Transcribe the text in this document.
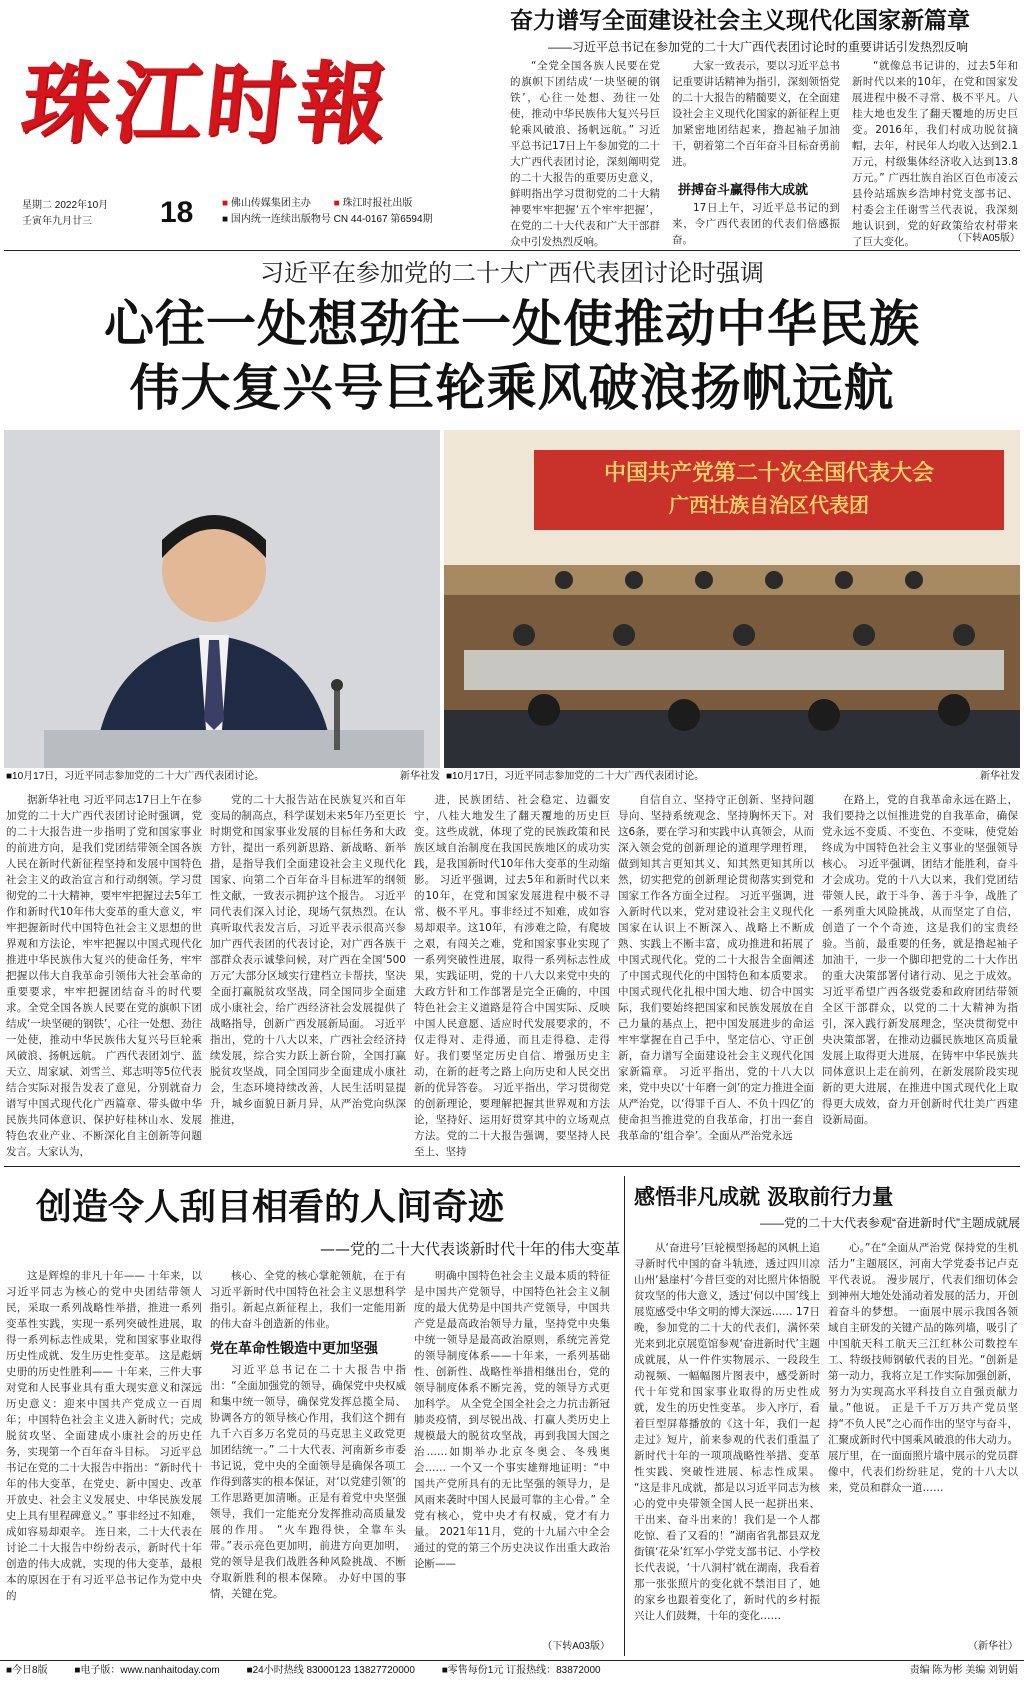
珠江时報
星期二 2022年10月
壬寅年九月廿三	18	■ 佛山传媒集团主办 ■ 珠江时报社出版
■ 国内统一连续出版物号 CN 44-0167 第6594期
奋力谱写全面建设社会主义现代化国家新篇章
——习近平总书记在参加党的二十大广西代表团讨论时的重要讲话引发热烈反响

“全党全国各族人民要在党的旗帜下团结成‘一块坚硬的钢铁’，心往一处想、劲往一处使，推动中华民族伟大复兴号巨轮乘风破浪、扬帆远航。” 习近平总书记17日上午参加党的二十大广西代表团讨论，深刻阐明党的二十大报告的重要历史意义，鲜明指出学习贯彻党的二十大精神要牢牢把握‘五个牢牢把握’，在党的二十大代表和广大干部群众中引发热烈反响。

大家一致表示，要以习近平总书记重要讲话精神为指引，深刻领悟党的二十大报告的精髓要义，在全面建设社会主义现代化国家的新征程上更加紧密地团结起来，撸起袖子加油干，朝着第二个百年奋斗目标奋勇前进。

拼搏奋斗赢得伟大成就

17日上午，习近平总书记的到来，令广西代表团的代表们倍感振奋。

“就像总书记讲的，过去5年和新时代以来的10年，在党和国家发展进程中极不寻常、极不平凡。八桂大地也发生了翻天覆地的历史巨变。2016年，我们村成功脱贫摘帽，去年，村民年人均收入达到2.1万元，村级集体经济收入达到13.8万元。” 广西壮族自治区百色市凌云县伶站瑶族乡浩坤村党支部书记、村委会主任谢雪兰代表说，我深刻地认识到，党的好政策给农村带来了巨大变化。	（下转A05版）
习近平在参加党的二十大广西代表团讨论时强调
心往一处想劲往一处使推动中华民族
伟大复兴号巨轮乘风破浪扬帆远航
中国共产党第二十次全国代表大会
广西壮族自治区代表团
■10月17日，习近平同志参加党的二十大广西代表团讨论。	新华社发 ■10月17日，习近平同志参加党的二十大广西代表团讨论。	新华社发

据新华社电 习近平同志17日上午在参加党的二十大广西代表团讨论时强调，党的二十大报告进一步指明了党和国家事业的前进方向，是我们党团结带领全国各族人民在新时代新征程坚持和发展中国特色社会主义的政治宣言和行动纲领。学习贯彻党的二十大精神，要牢牢把握过去5年工作和新时代10年伟大变革的重大意义，牢牢把握新时代中国特色社会主义思想的世界观和方法论，牢牢把握以中国式现代化推进中华民族伟大复兴的使命任务，牢牢把握以伟大自我革命引领伟大社会革命的重要要求，牢牢把握团结奋斗的时代要求。全党全国各族人民要在党的旗帜下团结成‘一块坚硬的钢铁’，心往一处想、劲往一处使，推动中华民族伟大复兴号巨轮乘风破浪、扬帆远航。 广西代表团刘宁、蓝天立、周家斌、刘雪兰、郑志明等5位代表结合实际对报告发表了意见，分别就奋力谱写中国式现代化广西篇章、带头做中华民族共同体意识、保护好桂林山水、发展特色农业产业、不断深化自主创新等问题发言。大家认为，

党的二十大报告站在民族复兴和百年变局的制高点，科学谋划未来5年乃至更长时期党和国家事业发展的目标任务和大政方针，提出一系列新思路、新战略、新举措，是指导我们全面建设社会主义现代化国家、向第二个百年奋斗目标进军的纲领性文献，一致表示拥护这个报告。 习近平同代表们深入讨论，现场气氛热烈。在认真听取代表发言后，习近平表示很高兴参加广西代表团的代表讨论，对广西各族干部群众表示诚挚问候，对广西在全国‘500万元’大部分区域实行建档立卡帮扶，坚决全面打赢脱贫攻坚战，同全国同步全面建成小康社会，给广西经济社会发展提供了战略指导，创新广西发展新局面。 习近平指出，党的十八大以来，广西社会经济持续发展，综合实力跃上新台阶，全国打赢脱贫攻坚战，同全国同步全面建成小康社会，生态环境持续改善，人民生活明显提升，城乡面貌日新月异，从严治党向纵深推进，

进，民族团结、社会稳定、边疆安宁，八桂大地发生了翻天覆地的历史巨变。这些成就，体现了党的民族政策和民族区域自治制度在我国民族地区的成功实践，是我国新时代10年伟大变革的生动缩影。 习近平强调，过去5年和新时代以来的10年，在党和国家发展进程中极不寻常、极不平凡。事非经过不知难，成如容易却艰辛。这10年，有涉难之险，有爬坡之艰，有闯关之难，党和国家事业实现了一系列突破性进展，取得一系列标志性成果，实践证明，党的十八大以来党中央的大政方针和工作部署是完全正确的，中国特色社会主义道路是符合中国实际、反映中国人民意愿、适应时代发展要求的，不仅走得对、走得通，而且走得稳、走得好。我们要坚定历史自信、增强历史主动，在新的赶考之路上向历史和人民交出新的优异答卷。 习近平指出，学习贯彻党的创新理论，要理解把握其世界观和方法论，坚持好、运用好贯穿其中的立场观点方法。党的二十大报告强调，要坚持人民至上、坚持

自信自立、坚持守正创新、坚持问题导向、坚持系统观念、坚持胸怀天下。对这6条，要在学习和实践中认真领会，从而深入领会党的创新理论的道理学理哲理，做到知其言更知其义、知其然更知其所以然，切实把党的创新理论贯彻落实到党和国家工作各方面全过程。 习近平强调，进入新时代以来，党对建设社会主义现代化国家在认识上不断深入、战略上不断成熟、实践上不断丰富，成功推进和拓展了中国式现代化。党的二十大报告全面阐述了中国式现代化的中国特色和本质要求。中国式现代化扎根中国大地、切合中国实际，我们要始终把国家和民族发展放在自己力量的基点上，把中国发展进步的命运牢牢掌握在自己手中，坚定信心、守正创新，奋力谱写全面建设社会主义现代化国家新篇章。 习近平指出，党的十八大以来，党中央以‘十年磨一剑’的定力推进全面从严治党，以‘得罪千百人、不负十四亿’的使命担当推进党的自我革命，打出一套自我革命的‘组合拳’。全面从严治党永远

在路上，党的自我革命永远在路上，我们要持之以恒推进党的自我革命，确保党永远不变质、不变色、不变味，使党始终成为中国特色社会主义事业的坚强领导核心。 习近平强调，团结才能胜利，奋斗才会成功。党的十八大以来，我们党团结带领人民，敢于斗争、善于斗争，战胜了一系列重大风险挑战，从而坚定了自信，创造了一个个奇迹，这是我们的宝贵经验。当前，最重要的任务，就是撸起袖子加油干，一步一个脚印把党的二十大作出的重大决策部署付诸行动、见之于成效。 习近平希望广西各级党委和政府团结带领全区干部群众，以党的二十大精神为指引，深入践行新发展理念，坚决贯彻党中央决策部署，在推动边疆民族地区高质量发展上取得更大进展，在铸牢中华民族共同体意识上走在前列，在新发展阶段实现新的更大进展，在推进中国式现代化上取得更大成效，奋力开创新时代壮美广西建设新局面。

创造令人刮目相看的人间奇迹
——党的二十大代表谈新时代十年的伟大变革

这是辉煌的非凡十年—— 十年来，以习近平同志为核心的党中央团结带领人民，采取一系列战略性举措，推进一系列变革性实践，实现一系列突破性进展，取得一系列标志性成果，党和国家事业取得历史性成就、发生历史性变革。 这是彪炳史册的历史性胜利—— 十年来，三件大事对党和人民事业具有重大现实意义和深远历史意义：迎来中国共产党成立一百周年；中国特色社会主义进入新时代；完成脱贫攻坚、全面建成小康社会的历史任务，实现第一个百年奋斗目标。 习近平总书记在党的二十大报告中指出：“新时代十年的伟大变革，在党史、新中国史、改革开放史、社会主义发展史、中华民族发展史上具有里程碑意义。” 事非经过不知难，成如容易却艰辛。 连日来，二十大代表在讨论二十大报告中纷纷表示，新时代十年创造的伟大成就，实现的伟大变革，最根本的原因在于有习近平总书记作为党中央的

核心、全党的核心掌舵领航，在于有习近平新时代中国特色社会主义思想科学指引。新起点新征程上，我们一定能用新的伟大奋斗创造新的伟业。

党在革命性锻造中更加坚强

习近平总书记在二十大报告中指出：“全面加强党的领导，确保党中央权威和集中统一领导，确保党发挥总揽全局、协调各方的领导核心作用，我们这个拥有九千六百多万名党员的马克思主义政党更加团结统一。” 二十大代表、河南新乡市委书记说，党中央的全面领导是确保各项工作得到落实的根本保证，对‘以党建引领’的工作思路更加清晰。正是有着党中央坚强领导，我们一定能充分发挥推动高质量发展的作用。 “火车跑得快，全靠车头带。”表示亮色更加明，前进方向更加明，党的领导是我们战胜各种风险挑战、不断夺取新胜利的根本保障。 办好中国的事情，关键在党。

明确中国特色社会主义最本质的特征是中国共产党领导，中国特色社会主义制度的最大优势是中国共产党领导，中国共产党是最高政治领导力量，坚持党中央集中统一领导是最高政治原则，系统完善党的领导制度体系——十年来，一系列基础性、创新性、战略性举措相继出台，党的领导制度体系不断完善，党的领导方式更加科学。 从全党全国全社会之力抗击新冠肺炎疫情，到尽锐出战、打赢人类历史上规模最大的脱贫攻坚战，再到我国大国之治……如期举办北京冬奥会、冬残奥会…… 一个又一个事实雄辩地证明：“中国共产党所具有的无比坚强的领导力，是风雨来袭时中国人民最可靠的主心骨。” 全党有核心，党中央才有权威，党才有力量。 2021年11月，党的十九届六中全会通过的党的第三个历史决议作出重大政治论断——

（下转A03版）
感悟非凡成就 汲取前行力量
——党的二十大代表参观“奋进新时代”主题成就展

从‘奋进号’巨轮模型扬起的风帆上追寻新时代中国的奋斗轨迹，透过四川凉山州‘悬崖村’今昔巨变的对比照片体悟脱贫攻坚的伟大意义，透过‘伺以中国’线上展览感受中华文明的博大深远…… 17日晚，参加党的二十大的代表们，满怀荣光来到北京展览馆参观‘奋进新时代’主题成就展，从一件件实物展示、一段段生动视频、一幅幅图片图表中，感受新时代十年党和国家事业取得的历史性成就，发生的历史性变革。 步入序厅，看着巨型屏幕播放的《这十年，我们一起走过》短片，前来参观的代表们重温了新时代十年的一项项战略性举措、变革性实践、突破性进展、标志性成果。 “这是非凡成就，都是以习近平同志为核心的党中央带领全国人民一起拼出来、干出来、奋斗出来的！我们是一个人都吃惊、看了又看的！”湖南省乳都县双龙街镇‘花朵’红军小学党支部书记、小学校长代表说，‘十八洞村’就在湖南，我看着那一张张照片的变化就不禁泪目了，她的家乡也跟着变化了，新时代的乡村振兴让人们鼓舞，十年的变化……

心。”在“全面从严治党 保持党的生机活力”主题展区，河南大学党委书记卢克平代表说。 漫步展厅，代表们细切体会到神州大地处处涌动着发展的活力，开创着奋斗的梦想。 一面展中展示我国各领域自主研发的关键产品的陈列墙，吸引了中国航天科工航天三江红林公司数控车工、特级技师钢敏代表的目光。“创新是第一动力，我将立足工作实际加强创新，努力为实现高水平科技自立自强贡献力量。”他说。 正是千千万万共产党员坚持“不负人民”之心而作出的坚守与奋斗，汇聚成新时代中国乘风破浪的伟大动力。展厅里，在一面面照片墙中展示的党员群像中，代表们纷纷驻足，党的十八大以来，党员和群众一道……

（新华社）
■今日8版	■电子版：www.nanhaitoday.com	■24小时热线 83000123 13827720000	■零售每份1元 订报热线：83872000	责编 陈为彬 美编 刘钥娟
